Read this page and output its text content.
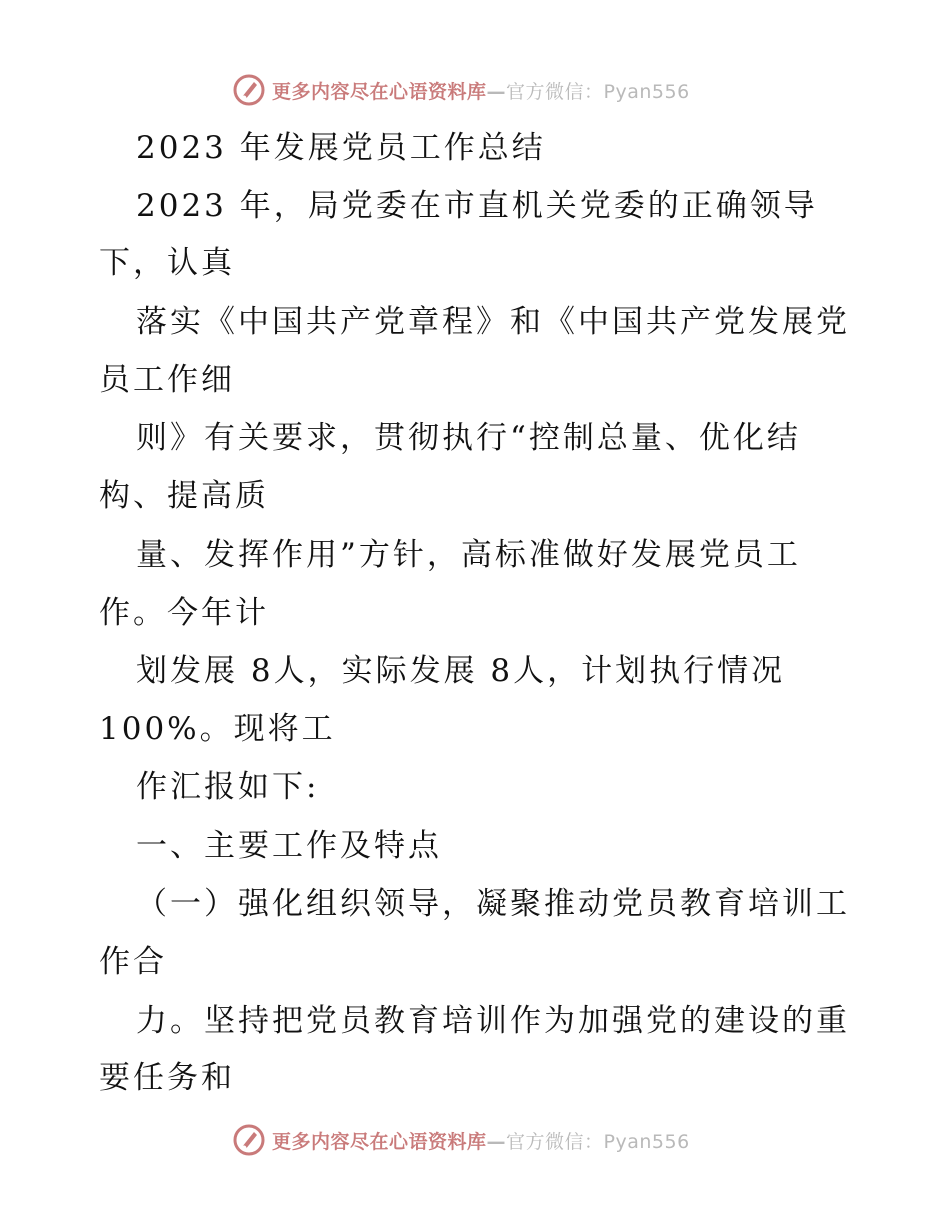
更多内容尽在心语资料库—官方微信：Pyan556
2023 年发展党员工作总结
2023 年，局党委在市直机关党委的正确领导
下，认真
落实《中国共产党章程》和《中国共产党发展党
员工作细
则》有关要求，贯彻执行“控制总量、优化结
构、提高质
量、发挥作用”方针，高标准做好发展党员工
作。今年计
划发展 8人，实际发展 8人，计划执行情况
100%。现将工
作汇报如下:
一、主要工作及特点
（一）强化组织领导，凝聚推动党员教育培训工
作合
力。坚持把党员教育培训作为加强党的建设的重
要任务和
更多内容尽在心语资料库—官方微信：Pyan556
